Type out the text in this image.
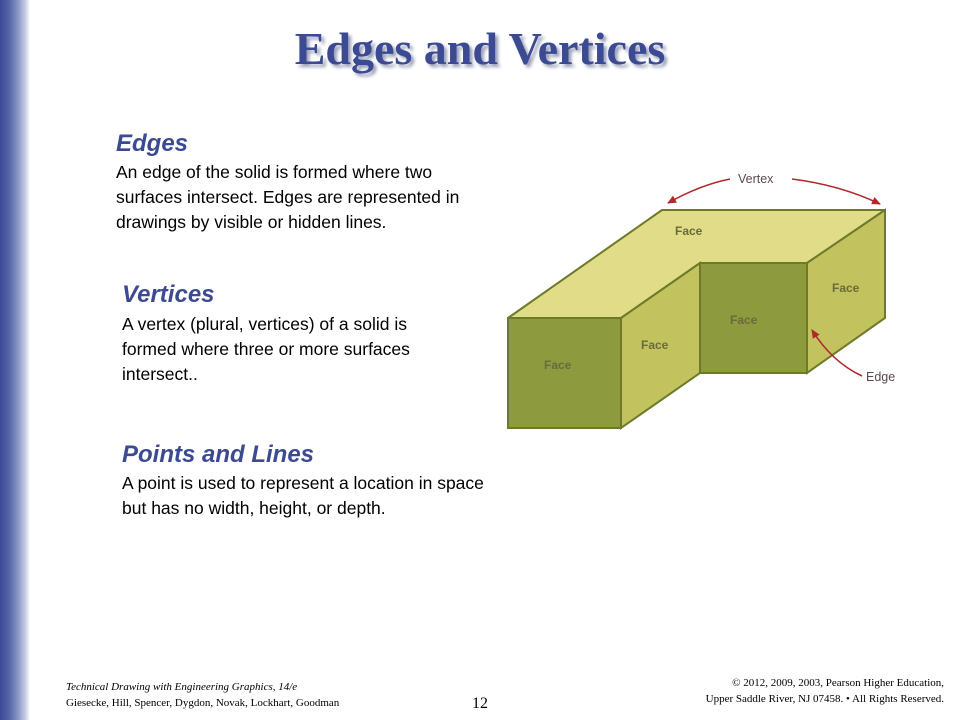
Edges and Vertices
Edges
An edge of the solid is formed where two
surfaces intersect. Edges are represented in
drawings by visible or hidden lines.
Vertices
A vertex (plural, vertices) of a solid is
formed where three or more surfaces
intersect..
Points and Lines
A point is used to represent a location in space
but has no width, height, or depth.
Face
Face
Face
Face
Face
Vertex
Edge
Technical Drawing with Engineering Graphics, 14/e
Giesecke, Hill, Spencer, Dygdon, Novak, Lockhart, Goodman	12
© 2012, 2009, 2003, Pearson Higher Education,
Upper Saddle River, NJ 07458. • All Rights Reserved.
